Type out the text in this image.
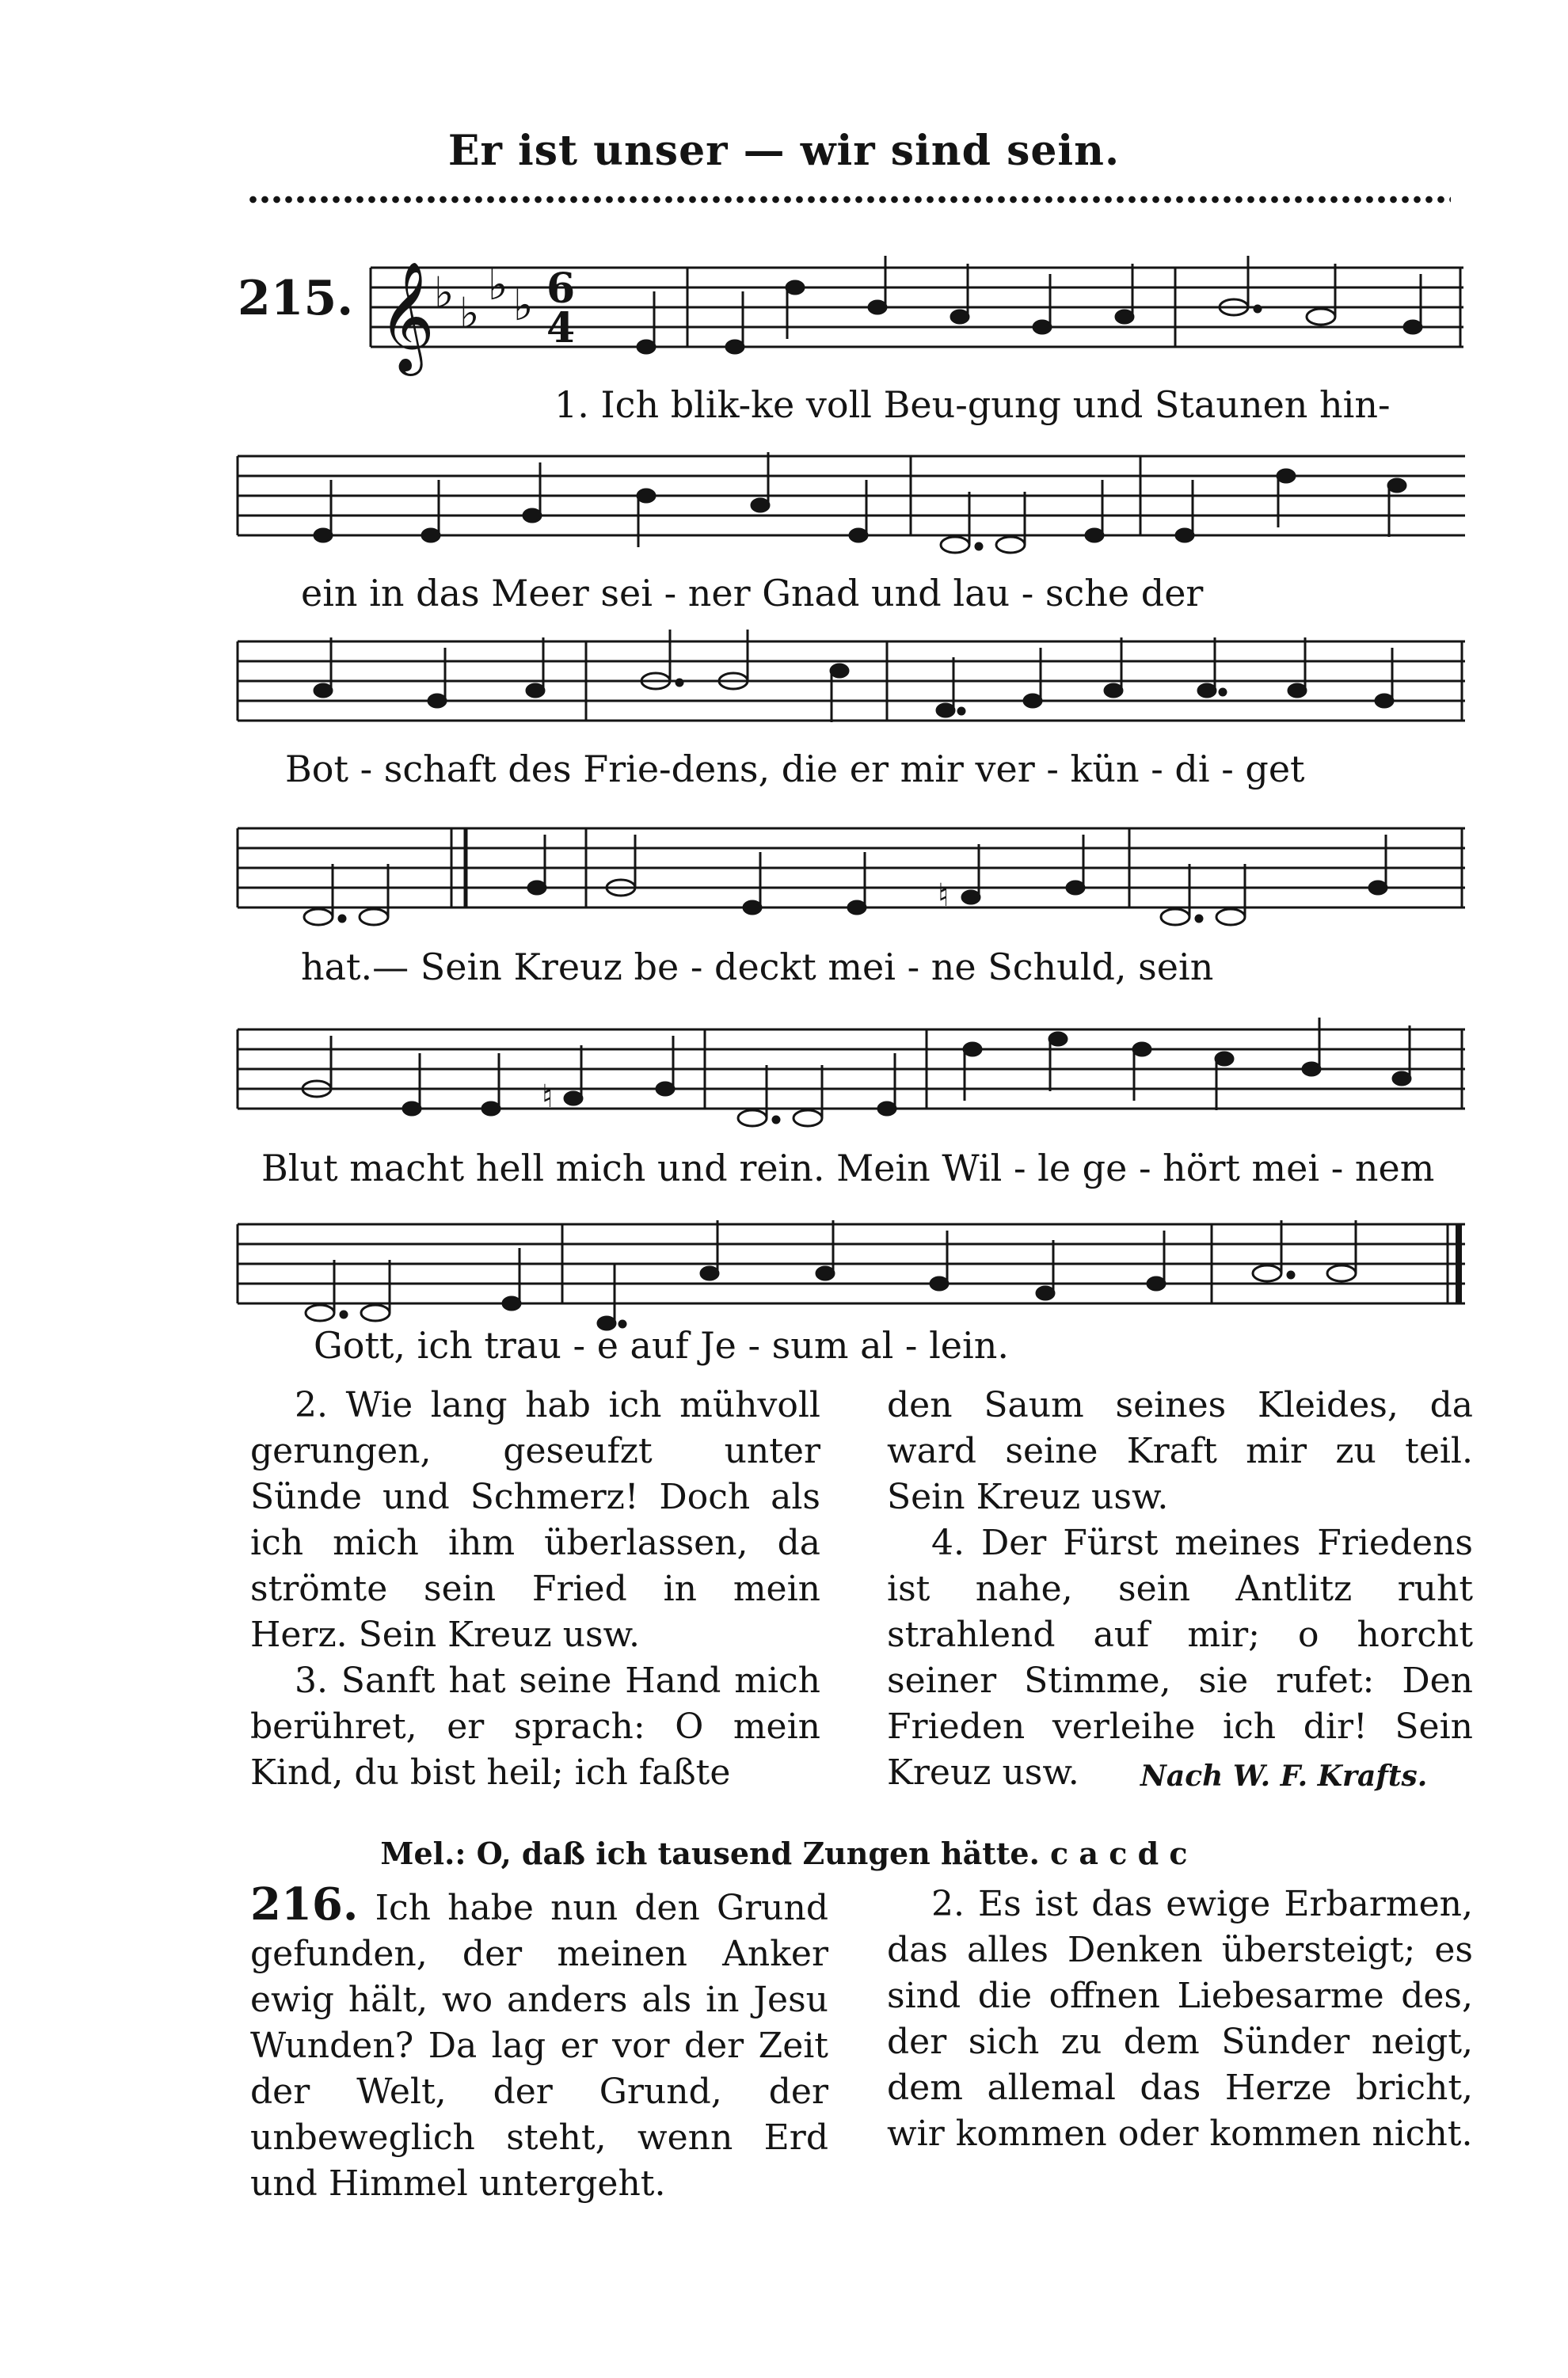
Er ist unser — wir sind sein.
215. 𝄞 ♭ ♭
♭ ♭ 6
4
1. Ich blik-ke voll Beu-gung und Staunen hin-
ein in das Meer sei - ner Gnad und lau - sche der
Bot - schaft des Frie-dens, die er mir ver - kün - di - get
♮
hat.— Sein Kreuz be - deckt mei - ne Schuld, sein
♮
Blut macht hell mich und rein. Mein Wil - le ge - hört mei - nem
Gott, ich trau - e auf Je - sum al - lein.

2. Wie lang hab ich mühvoll gerungen, geseufzt unter Sünde und Schmerz! Doch als ich mich ihm überlassen, da strömte sein Fried in mein Herz. Sein Kreuz usw.

3. Sanft hat seine Hand mich berühret, er sprach: O mein Kind, du bist heil; ich faßte

den Saum seines Kleides, da ward seine Kraft mir zu teil. Sein Kreuz usw.

4. Der Fürst meines Friedens ist nahe, sein Antlitz ruht strahlend auf mir; o horcht seiner Stimme, sie rufet: Den Frieden verleihe ich dir! Sein Kreuz usw.	Nach W. F. Krafts.
Mel.: O, daß ich tausend Zungen hätte. c a c d c

216. Ich habe nun den Grund gefunden, der meinen Anker ewig hält, wo anders als in Jesu Wunden? Da lag er vor der Zeit der Welt, der Grund, der unbeweglich steht, wenn Erd und Himmel untergeht.

2. Es ist das ewige Erbarmen, das alles Denken übersteigt; es sind die offnen Liebesarme des, der sich zu dem Sünder neigt, dem allemal das Herze bricht, wir kommen oder kommen nicht.
